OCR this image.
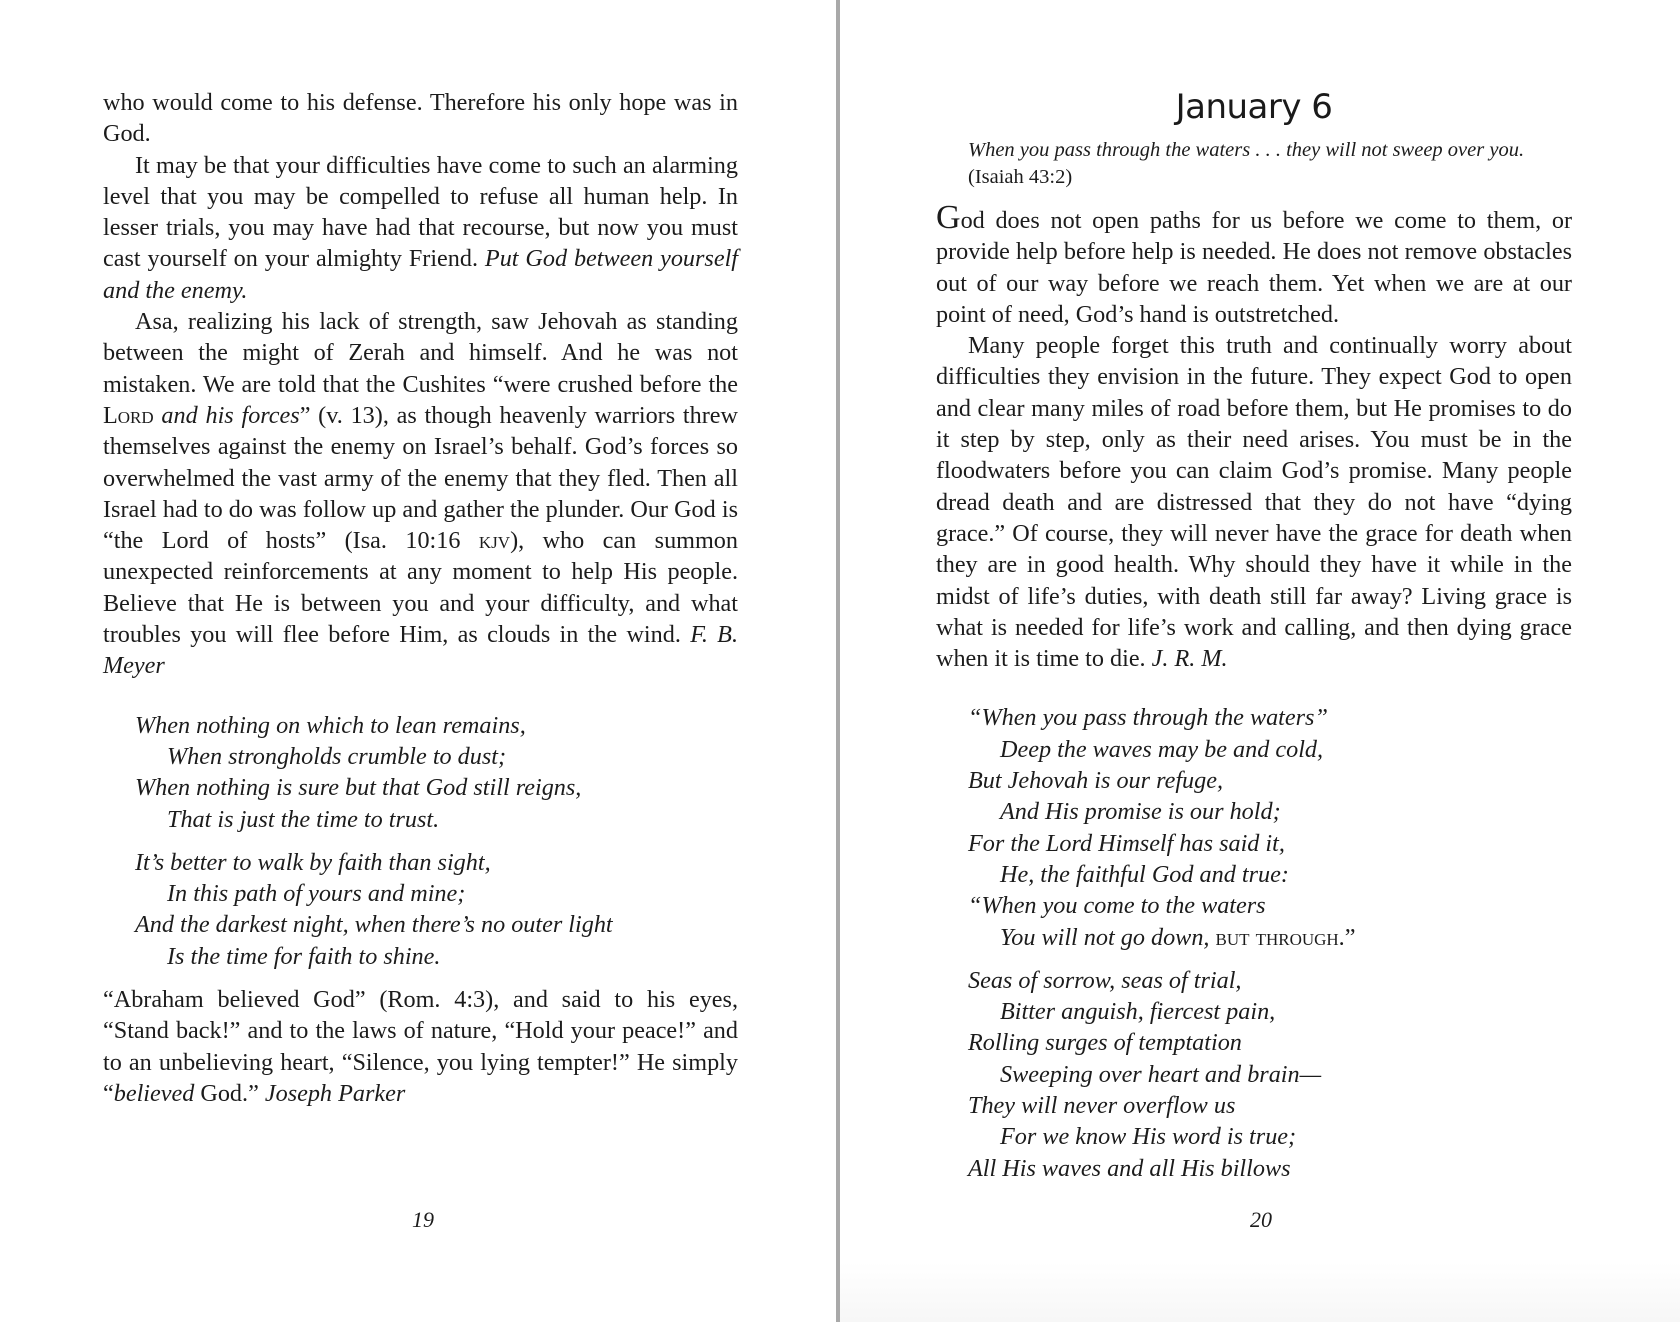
who would come to his defense. Therefore his only hope was in God.

It may be that your difficulties have come to such an alarming level that you may be compelled to refuse all human help. In lesser trials, you may have had that recourse, but now you must cast yourself on your almighty Friend. Put God between yourself and the enemy.

Asa, realizing his lack of strength, saw Jehovah as standing between the might of Zerah and himself. And he was not mistaken. We are told that the Cushites “were crushed before the Lord and his forces” (v. 13), as though heavenly warriors threw themselves against the enemy on Israel’s behalf. God’s forces so overwhelmed the vast army of the enemy that they fled. Then all Israel had to do was follow up and gather the plunder. Our God is “the Lord of hosts” (Isa. 10:16 kjv), who can summon unexpected reinforcements at any moment to help His people. Believe that He is between you and your difficulty, and what troubles you will flee before Him, as clouds in the wind. F. B. Meyer

When nothing on which to lean remains,
When strongholds crumble to dust;
When nothing is sure but that God still reigns,
That is just the time to trust.
It’s better to walk by faith than sight,
In this path of yours and mine;
And the darkest night, when there’s no outer light
Is the time for faith to shine.

“Abraham believed God” (Rom. 4:3), and said to his eyes, “Stand back!” and to the laws of nature, “Hold your peace!” and to an unbelieving heart, “Silence, you lying tempter!” He simply “believed God.” Joseph Parker

19
January 6
When you pass through the waters . . . they will not sweep over you.
(Isaiah 43:2)

God does not open paths for us before we come to them, or provide help before help is needed. He does not remove obstacles out of our way before we reach them. Yet when we are at our point of need, God’s hand is outstretched.

Many people forget this truth and continually worry about difficulties they envision in the future. They expect God to open and clear many miles of road before them, but He promises to do it step by step, only as their need arises. You must be in the floodwaters before you can claim God’s promise. Many people dread death and are distressed that they do not have “dying grace.” Of course, they will never have the grace for death when they are in good health. Why should they have it while in the midst of life’s duties, with death still far away? Living grace is what is needed for life’s work and calling, and then dying grace when it is time to die. J. R. M.

“When you pass through the waters”
Deep the waves may be and cold,
But Jehovah is our refuge,
And His promise is our hold;
For the Lord Himself has said it,
He, the faithful God and true:
“When you come to the waters
You will not go down, but through.”
Seas of sorrow, seas of trial,
Bitter anguish, fiercest pain,
Rolling surges of temptation
Sweeping over heart and brain—
They will never overflow us
For we know His word is true;
All His waves and all His billows
20
